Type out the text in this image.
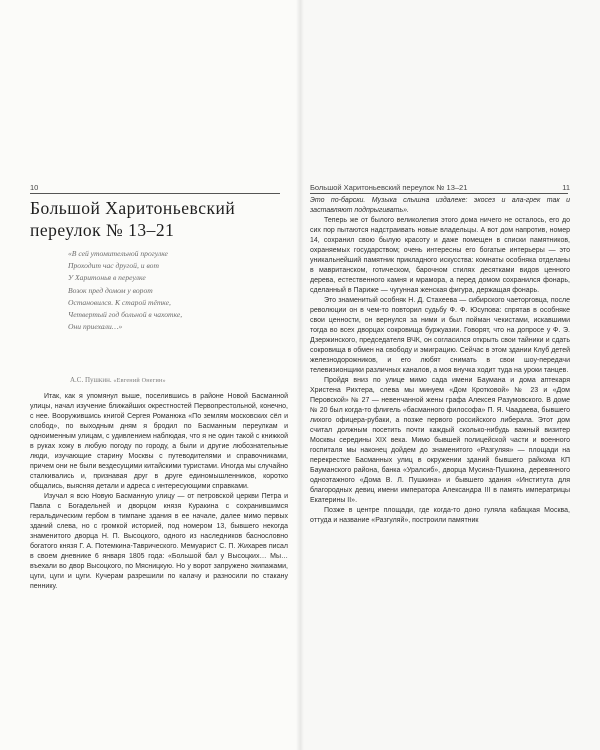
10
Большой Харитоньевский
переулок № 13–21
«В сей утомительной прогулке
Проходит час другой, и вот
У Харитонья в переулке
Возок пред домом у ворот
Остановился. К старой тётке,
Четвертый год больной в чахотке,
Они приехали…»
А.С. Пушкин. «Евгений Онегин»

Итак, как я упомянул выше, поселившись в районе Новой Басманной улицы, начал изучение ближайших окрестностей Первопрестольной, конечно, с нее. Вооружившись книгой Сергея Романюка «По землям московских сёл и слобод», по выходным дням я бродил по Басманным переулкам и одноименным улицам, с удивлением наблюдая, что я не один такой с книжкой в руках хожу в любую погоду по городу, а были и другие любознательные люди, изучающие старину Москвы с путеводителями и справочниками, причем они не были вездесущими китайскими туристами. Иногда мы случайно сталкивались и, признавая друг в друге единомышленников, коротко общались, выясняя детали и адреса с интересующими справками.

Изучал я всю Новую Басманную улицу — от петровской церкви Петра и Павла с Богадельней и дворцом князя Куракина с сохранившимся геральдическим гербом в тимпане здания в ее начале, далее мимо первых зданий слева, но с громкой историей, под номером 13, бывшего некогда знаменитого дворца Н. П. Высоцкого, одного из наследников баснословно богатого князя Г. А. Потемкина-Таврического. Мемуарист С. П. Жихарев писал в своем дневнике 6 января 1805 года: «Большой бал у Высоцких… Мы… въехали во двор Высоцкого, по Мясницкую. Но у ворот запружено экипажами, цуги, цуги и цуги. Кучерам разрешили по калачу и разносили по стакану пеннику.

Большой Харитоньевский переулок № 13–21	11

Это по-барски. Музыка слышна издалеке: экосез и ала-грек так и заставляют подпрыгивать».

Теперь же от былого великолепия этого дома ничего не осталось, его до сих пор пытаются надстраивать новые владельцы. А вот дом напротив, номер 14, сохранил свою былую красоту и даже помещен в списки памятников, охраняемых государством; очень интересны его богатые интерьеры — это уникальнейший памятник прикладного искусства: комнаты особняка отделаны в мавританском, готическом, барочном стилях десятками видов ценного дерева, естественного камня и мрамора, а перед домом сохранился фонарь, сделанный в Париже — чугунная женская фигура, держащая фонарь.

Это знаменитый особняк Н. Д. Стахеева — сибирского чаеторговца, после революции он в чем-то повторил судьбу Ф. Ф. Юсупова: спрятав в особняке свои ценности, он вернулся за ними и был пойман чекистами, искавшими тогда во всех дворцах сокровища буржуазии. Говорят, что на допросе у Ф. Э. Дзержинского, председателя ВЧК, он согласился открыть свои тайники и сдать сокровища в обмен на свободу и эмиграцию. Сейчас в этом здании Клуб детей железнодорожников, и его любят снимать в свои шоу-передачи телевизионщики различных каналов, а моя внучка ходит туда на уроки танцев.

Пройдя вниз по улице мимо сада имени Баумана и дома аптекаря Христена Рихтера, слева мы минуем «Дом Кротковой» № 23 и «Дом Перовской» № 27 — невенчанной жены графа Алексея Разумовского. В доме № 20 был когда-то флигель «басманного философа» П. Я. Чаадаева, бывшего лихого офицера-рубаки, а позже первого российского либерала. Этот дом считал должным посетить почти каждый сколько-нибудь важный визитер Москвы середины XIX века. Мимо бывшей полицейской части и военного госпиталя мы наконец дойдем до знаменитого «Разгуляя» — площади на перекрестке Басманных улиц в окружении зданий бывшего райкома КП Бауманского района, банка «Уралсиб», дворца Мусина-Пушкина, деревянного одноэтажного «Дома В. Л. Пушкина» и бывшего здания «Института для благородных девиц имени императора Александра III в память императрицы Екатерины II».

Позже в центре площади, где когда-то доно гуляла кабацкая Москва, оттуда и название «Разгуляй», построили памятник
